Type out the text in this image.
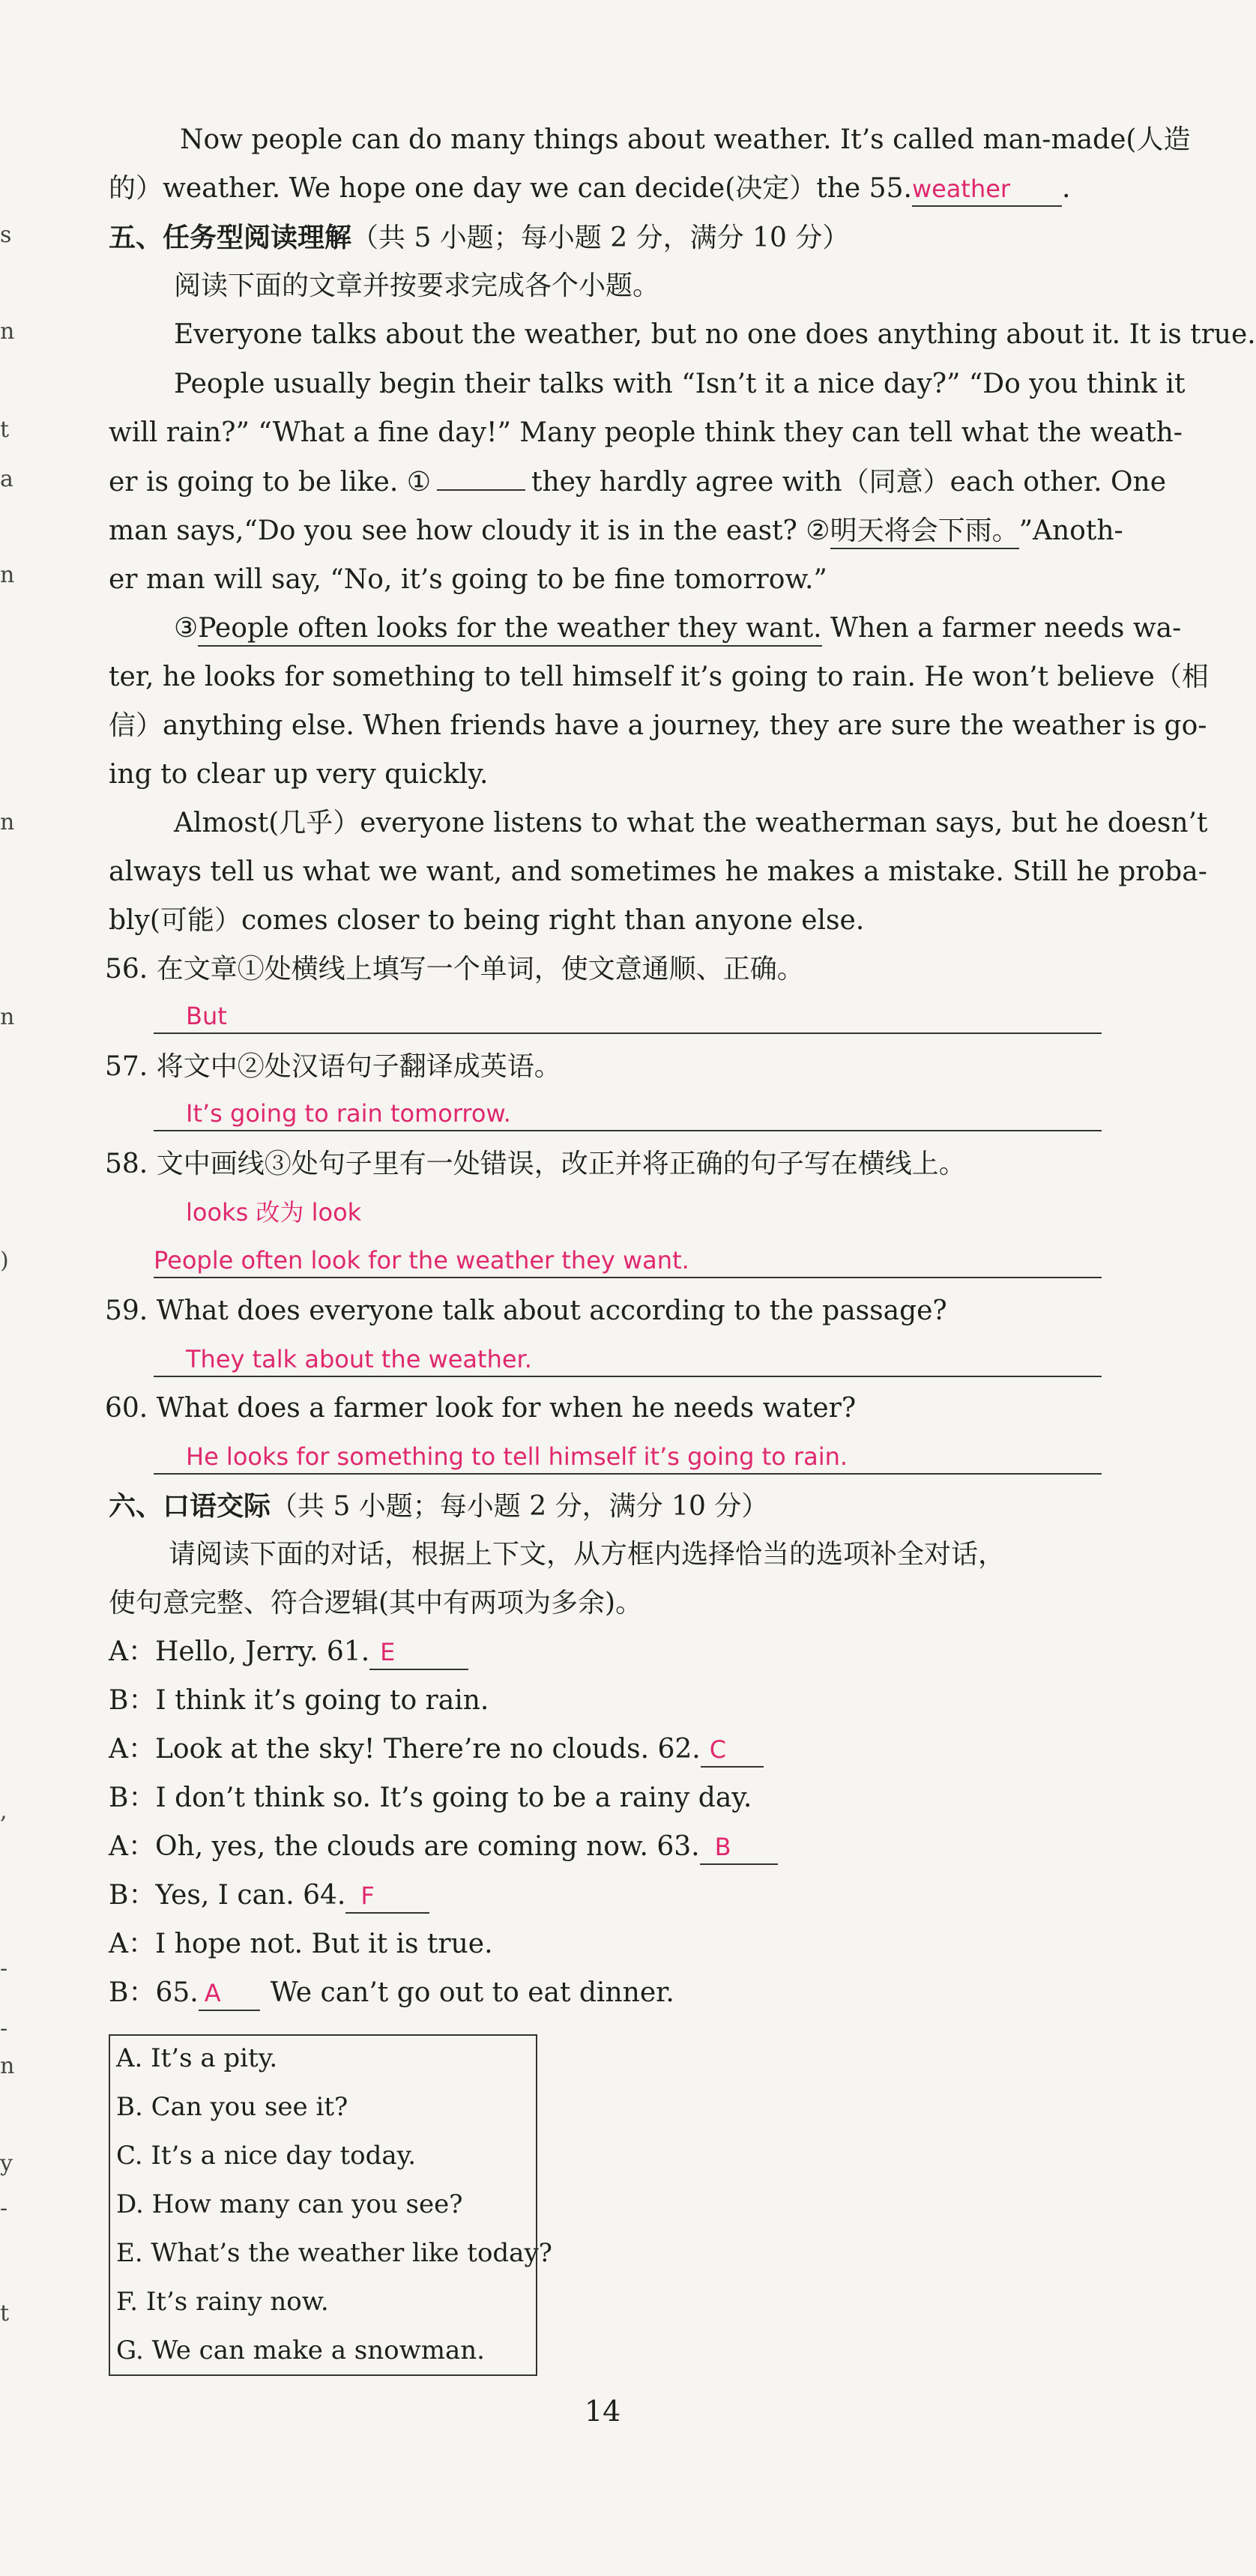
s
n
t
a
n
n
n
)
,
-
-
n
y
-
t
Now people can do many things about weather. It’s called man-made(人造
的）weather. We hope one day we can decide(决定）the 55.weather .
五、任务型阅读理解（共 5 小题；每小题 2 分，满分 10 分）
阅读下面的文章并按要求完成各个小题。
Everyone talks about the weather, but no one does anything about it. It is true.
People usually begin their talks with “Isn’t it a nice day?” “Do you think it
will rain?” “What a fine day!” Many people think they can tell what the weath-
er is going to be like. ①	they hardly agree with（同意）each other. One
man says,“Do you see how cloudy it is in the east? ②明天将会下雨。”Anoth-
er man will say, “No, it’s going to be fine tomorrow.”
③People often looks for the weather they want. When a farmer needs wa-
ter, he looks for something to tell himself it’s going to rain. He won’t believe（相
信）anything else. When friends have a journey, they are sure the weather is go-
ing to clear up very quickly.
Almost(几乎）everyone listens to what the weatherman says, but he doesn’t
always tell us what we want, and sometimes he makes a mistake. Still he proba-
bly(可能）comes closer to being right than anyone else.
56. 在文章①处横线上填写一个单词，使文意通顺、正确。
But
57. 将文中②处汉语句子翻译成英语。
It’s going to rain tomorrow.
58. 文中画线③处句子里有一处错误，改正并将正确的句子写在横线上。
looks 改为 look
People often look for the weather they want.
59. What does everyone talk about according to the passage?
They talk about the weather.
60. What does a farmer look for when he needs water?
He looks for something to tell himself it’s going to rain.
六、口语交际（共 5 小题；每小题 2 分，满分 10 分）
请阅读下面的对话，根据上下文，从方框内选择恰当的选项补全对话，
使句意完整、符合逻辑(其中有两项为多余)。
A：Hello, Jerry. 61. E
B：I think it’s going to rain.
A：Look at the sky! There’re no clouds. 62. C
B：I don’t think so. It’s going to be a rainy day.
A：Oh, yes, the clouds are coming now. 63. B
B：Yes, I can. 64. F
A：I hope not. But it is true.
B：65. A We can’t go out to eat dinner.
A. It’s a pity.
B. Can you see it?
C. It’s a nice day today.
D. How many can you see?
E. What’s the weather like today?
F. It’s rainy now.
G. We can make a snowman.
14
